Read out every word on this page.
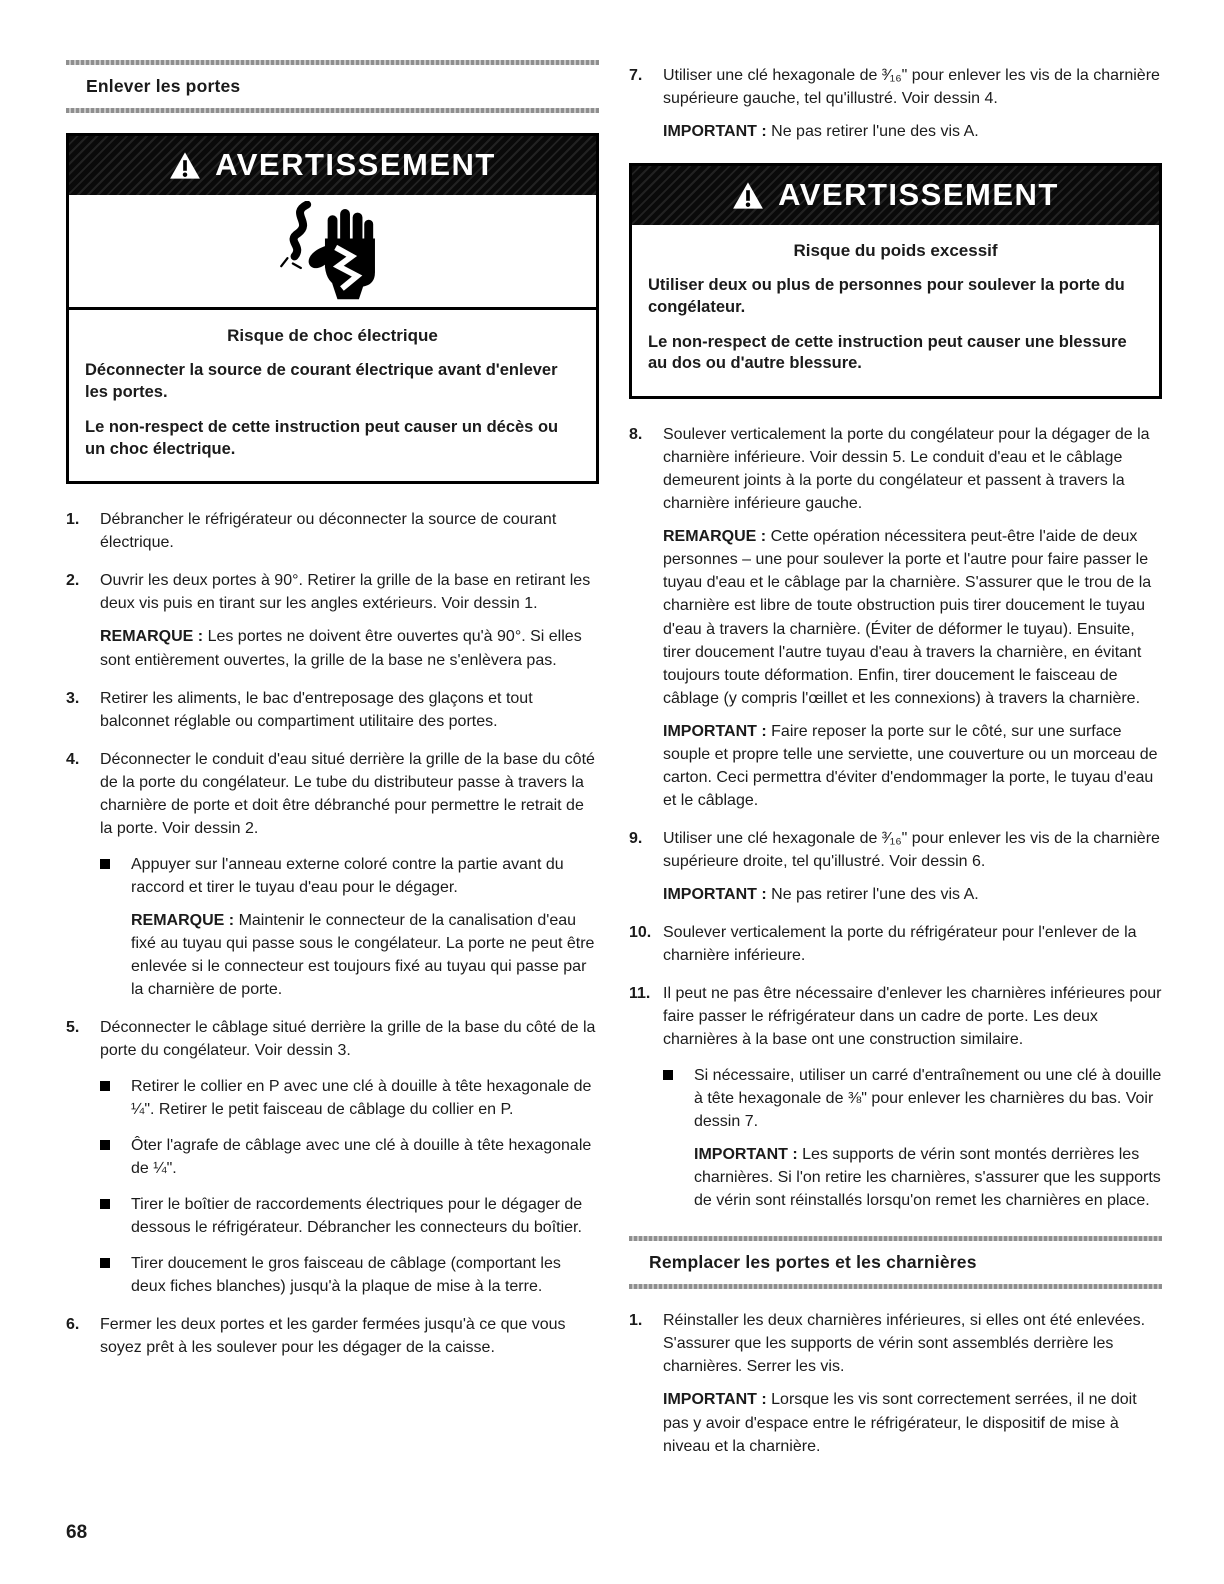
Enlever les portes
AVERTISSEMENT
Risque de choc électrique

Déconnecter la source de courant électrique avant d'enlever les portes.

Le non-respect de cette instruction peut causer un décès ou un choc électrique.

1.	Débrancher le réfrigérateur ou déconnecter la source de courant électrique.
2.	Ouvrir les deux portes à 90°. Retirer la grille de la base en retirant les deux vis puis en tirant sur les angles extérieurs. Voir dessin 1.
REMARQUE : Les portes ne doivent être ouvertes qu'à 90°. Si elles sont entièrement ouvertes, la grille de la base ne s'enlèvera pas.
3.	Retirer les aliments, le bac d'entreposage des glaçons et tout balconnet réglable ou compartiment utilitaire des portes.
4.	Déconnecter le conduit d'eau situé derrière la grille de la base du côté de la porte du congélateur. Le tube du distributeur passe à travers la charnière de porte et doit être débranché pour permettre le retrait de la porte. Voir dessin 2.
Appuyer sur l'anneau externe coloré contre la partie avant du raccord et tirer le tuyau d'eau pour le dégager.
REMARQUE : Maintenir le connecteur de la canalisation d'eau fixé au tuyau qui passe sous le congélateur. La porte ne peut être enlevée si le connecteur est toujours fixé au tuyau qui passe par la charnière de porte.
5.	Déconnecter le câblage situé derrière la grille de la base du côté de la porte du congélateur. Voir dessin 3.
Retirer le collier en P avec une clé à douille à tête hexagonale de ¼". Retirer le petit faisceau de câblage du collier en P.
Ôter l'agrafe de câblage avec une clé à douille à tête hexagonale de ¼".
Tirer le boîtier de raccordements électriques pour le dégager de dessous le réfrigérateur. Débrancher les connecteurs du boîtier.
Tirer doucement le gros faisceau de câblage (comportant les deux fiches blanches) jusqu'à la plaque de mise à la terre.
6.	Fermer les deux portes et les garder fermées jusqu'à ce que vous soyez prêt à les soulever pour les dégager de la caisse.
7.	Utiliser une clé hexagonale de ³⁄₁₆" pour enlever les vis de la charnière supérieure gauche, tel qu'illustré. Voir dessin 4.
IMPORTANT : Ne pas retirer l'une des vis A.
AVERTISSEMENT
Risque du poids excessif

Utiliser deux ou plus de personnes pour soulever la porte du congélateur.

Le non-respect de cette instruction peut causer une blessure au dos ou d'autre blessure.

8.	Soulever verticalement la porte du congélateur pour la dégager de la charnière inférieure. Voir dessin 5. Le conduit d'eau et le câblage demeurent joints à la porte du congélateur et passent à travers la charnière inférieure gauche.
REMARQUE : Cette opération nécessitera peut-être l'aide de deux personnes – une pour soulever la porte et l'autre pour faire passer le tuyau d'eau et le câblage par la charnière. S'assurer que le trou de la charnière est libre de toute obstruction puis tirer doucement le tuyau d'eau à travers la charnière. (Éviter de déformer le tuyau). Ensuite, tirer doucement l'autre tuyau d'eau à travers la charnière, en évitant toujours toute déformation. Enfin, tirer doucement le faisceau de câblage (y compris l'œillet et les connexions) à travers la charnière.
IMPORTANT : Faire reposer la porte sur le côté, sur une surface souple et propre telle une serviette, une couverture ou un morceau de carton. Ceci permettra d'éviter d'endommager la porte, le tuyau d'eau et le câblage.
9.	Utiliser une clé hexagonale de ³⁄₁₆" pour enlever les vis de la charnière supérieure droite, tel qu'illustré. Voir dessin 6.
IMPORTANT : Ne pas retirer l'une des vis A.
10. Soulever verticalement la porte du réfrigérateur pour l'enlever de la charnière inférieure.
11. Il peut ne pas être nécessaire d'enlever les charnières inférieures pour faire passer le réfrigérateur dans un cadre de porte. Les deux charnières à la base ont une construction similaire.
Si nécessaire, utiliser un carré d'entraînement ou une clé à douille à tête hexagonale de ⅜" pour enlever les charnières du bas. Voir dessin 7.
IMPORTANT : Les supports de vérin sont montés derrières les charnières. Si l'on retire les charnières, s'assurer que les supports de vérin sont réinstallés lorsqu'on remet les charnières en place.
Remplacer les portes et les charnières
1.	Réinstaller les deux charnières inférieures, si elles ont été enlevées. S'assurer que les supports de vérin sont assemblés derrière les charnières. Serrer les vis.
IMPORTANT : Lorsque les vis sont correctement serrées, il ne doit pas y avoir d'espace entre le réfrigérateur, le dispositif de mise à niveau et la charnière.
68
